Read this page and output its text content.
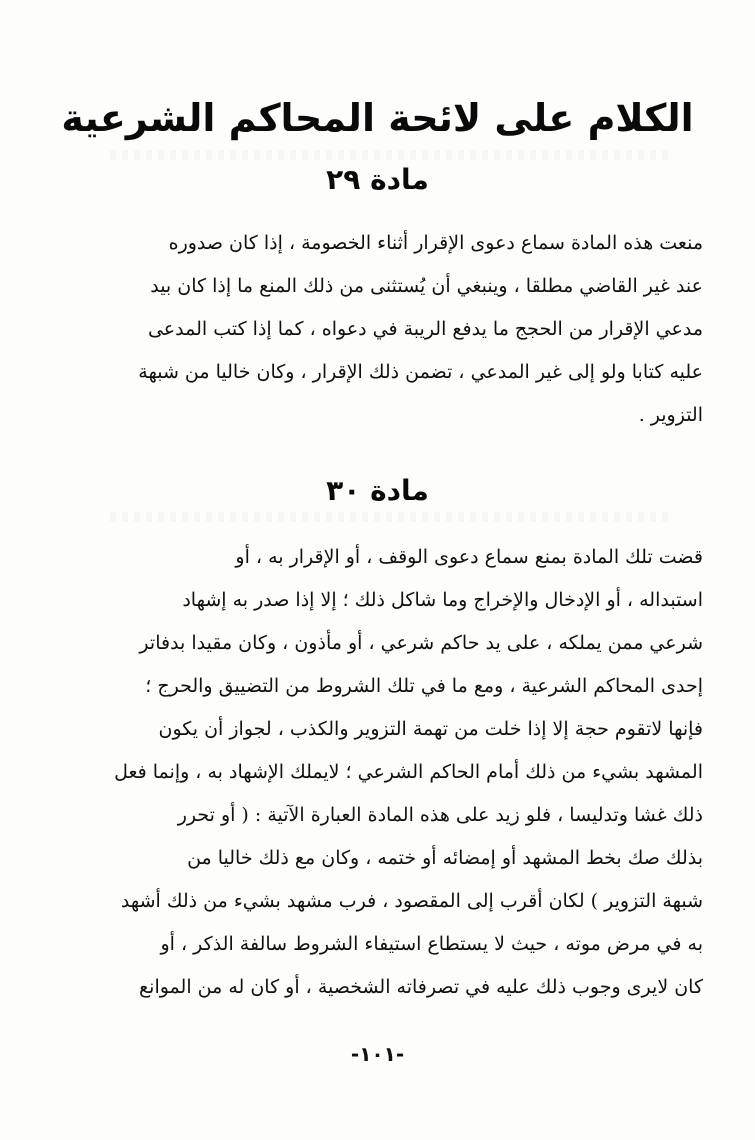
الكلام على لائحة المحاكم الشرعية
مادة ٢٩
منعت هذه المادة سماع دعوى الإقرار أثناء الخصومة ، إذا كان صدوره
عند غير القاضي مطلقا ، وينبغي أن يُستثنى من ذلك المنع ما إذا كان بيد
مدعي الإقرار من الحجج ما يدفع الريبة في دعواه ، كما إذا كتب المدعى
عليه كتابا ولو إلى غير المدعي ، تضمن ذلك الإقرار ، وكان خاليا من شبهة
التزوير .
مادة ٣٠
قضت تلك المادة بمنع سماع دعوى الوقف ، أو الإقرار به ، أو
استبداله ، أو الإدخال والإخراج وما شاكل ذلك ؛ إلا إذا صدر به إشهاد
شرعي ممن يملكه ، على يد حاكم شرعي ، أو مأذون ، وكان مقيدا بدفاتر
إحدى المحاكم الشرعية ، ومع ما في تلك الشروط من التضييق والحرج ؛
فإنها لاتقوم حجة إلا إذا خلت من تهمة التزوير والكذب ، لجواز أن يكون
المشهد بشيء من ذلك أمام الحاكم الشرعي ؛ لايملك الإشهاد به ، وإنما فعل
ذلك غشا وتدليسا ، فلو زيد على هذه المادة العبارة الآتية : ( أو تحرر
بذلك صك بخط المشهد أو إمضائه أو ختمه ، وكان مع ذلك خاليا من
شبهة التزوير ) لكان أقرب إلى المقصود ، فرب مشهد بشيء من ذلك أشهد
به في مرض موته ، حيث لا يستطاع استيفاء الشروط سالفة الذكر ، أو
كان لايرى وجوب ذلك عليه في تصرفاته الشخصية ، أو كان له من الموانع
-١٠١-
